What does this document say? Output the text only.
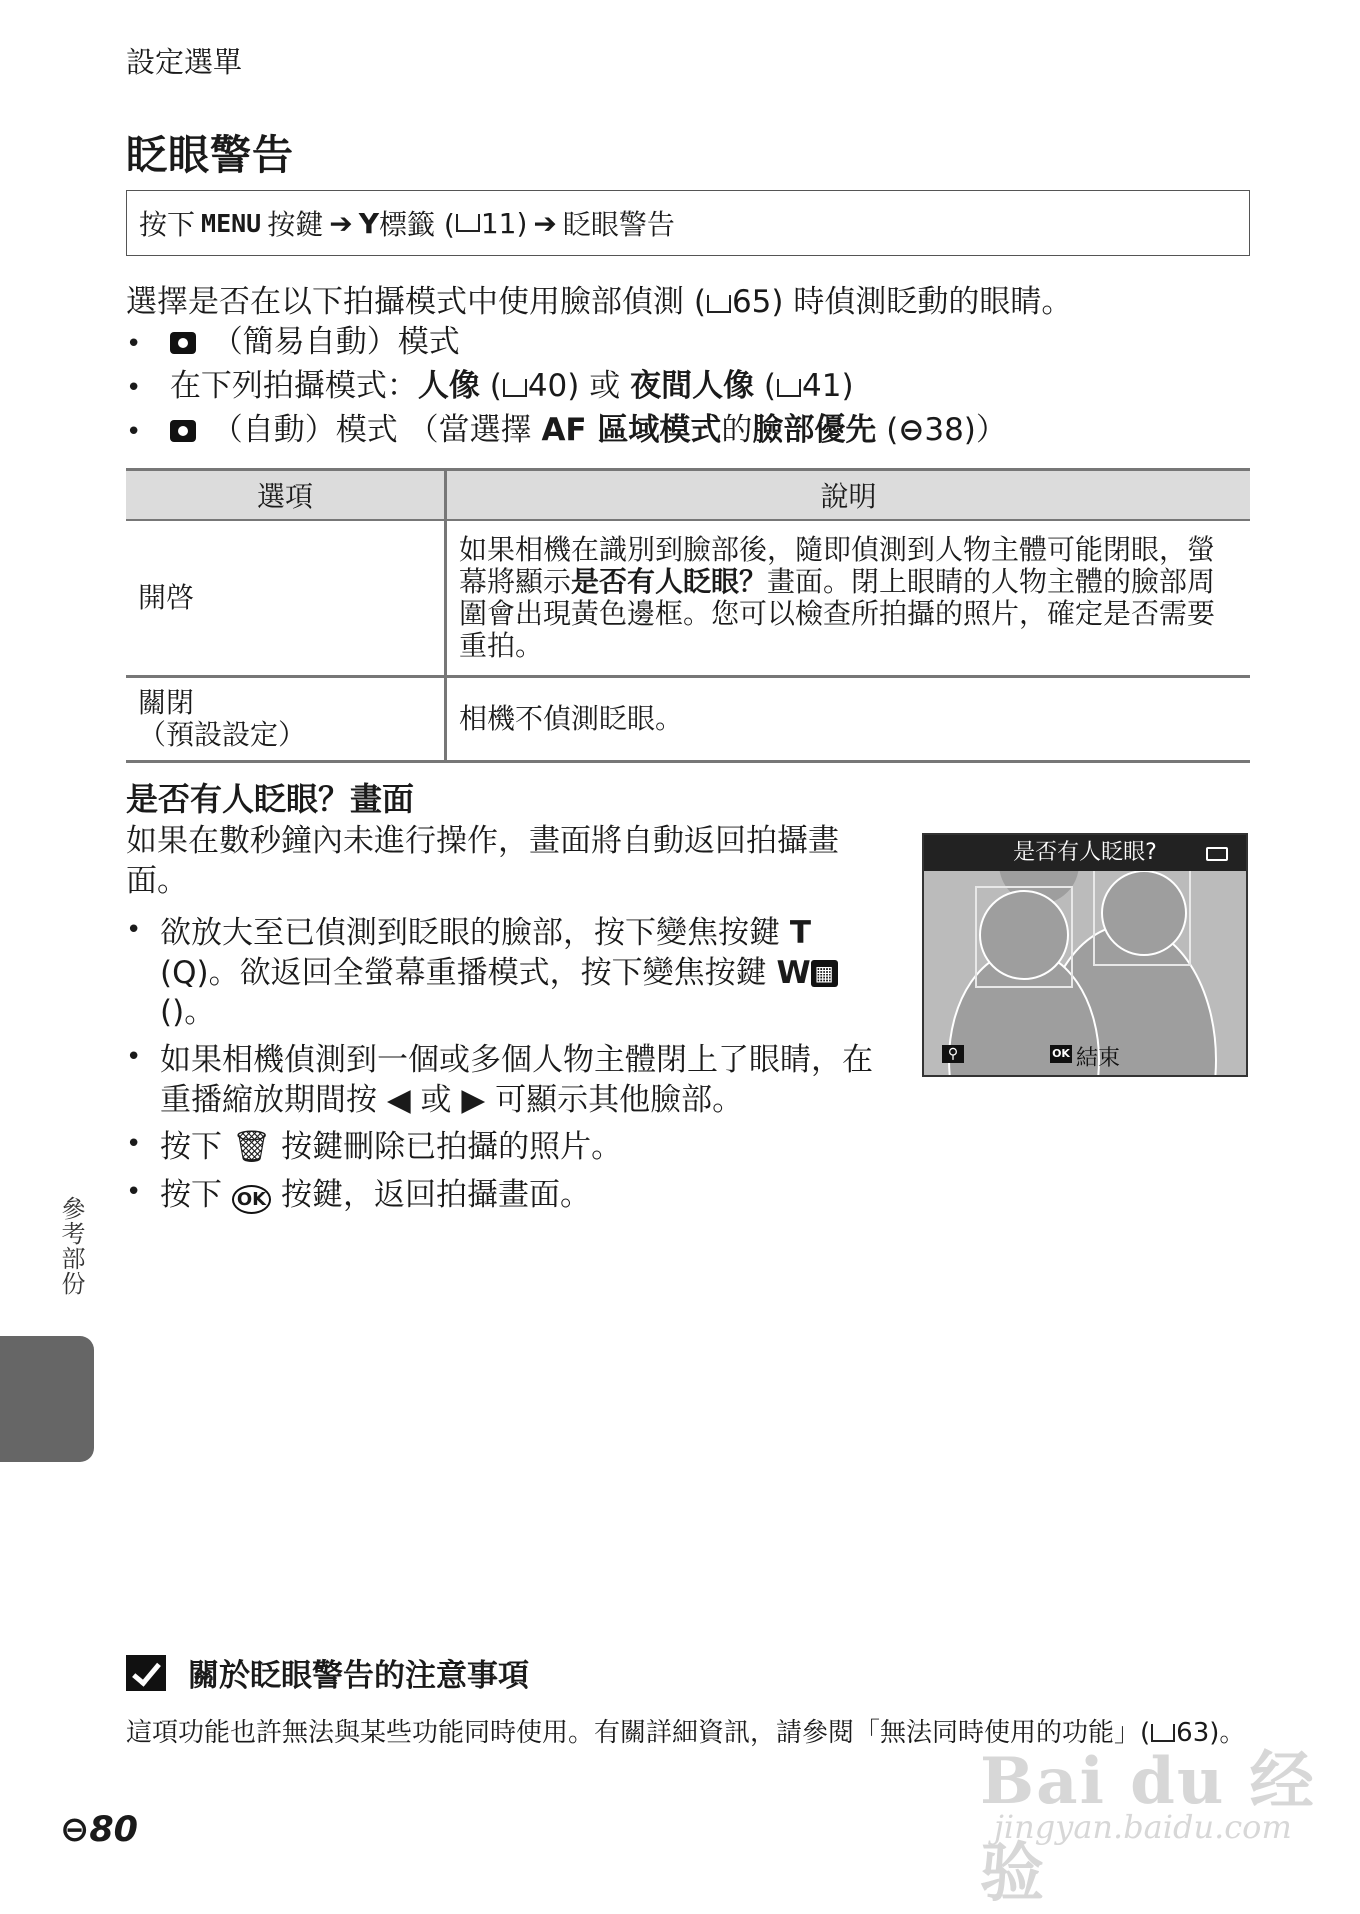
設定選單
眨眼警告
按下 MENU 按鍵 ➔ Y 標籤 ( 11) ➔ 眨眼警告
選擇是否在以下拍攝模式中使用臉部偵測 ( 65) 時偵測眨動的眼睛。
• （簡易自動）模式
• 在下列拍攝模式：人像 ( 40) 或 夜間人像 ( 41)
• （自動）模式 （當選擇 AF 區域模式的臉部優先 (⊖38)）
選項	說明
開啓	如果相機在識別到臉部後，隨即偵測到人物主體可能閉眼，螢幕將顯示是否有人眨眼？畫面。閉上眼睛的人物主體的臉部周圍會出現黃色邊框。您可以檢查所拍攝的照片，確定是否需要重拍。

關閉
（預設設定）	相機不偵測眨眼。
是否有人眨眼？畫面
如果在數秒鐘內未進行操作，畫面將自動返回拍攝畫面。
• 欲放大至已偵測到眨眼的臉部，按下變焦按鍵 T (Q)。欲返回全螢幕重播模式，按下變焦按鍵 W ▦ ()。
• 如果相機偵測到一個或多個人物主體閉上了眼睛，在重播縮放期間按 ◀ 或 ▶ 可顯示其他臉部。
• 按下 🗑 按鍵刪除已拍攝的照片。
• 按下 OK 按鍵，返回拍攝畫面。
是否有人眨眼?
⚲	OK 結束
參考部份
關於眨眼警告的注意事項
這項功能也許無法與某些功能同時使用。有關詳細資訊，請參閱「無法同時使用的功能」( 63)。
⊖80
Bai du 经验
jingyan.baidu.com
